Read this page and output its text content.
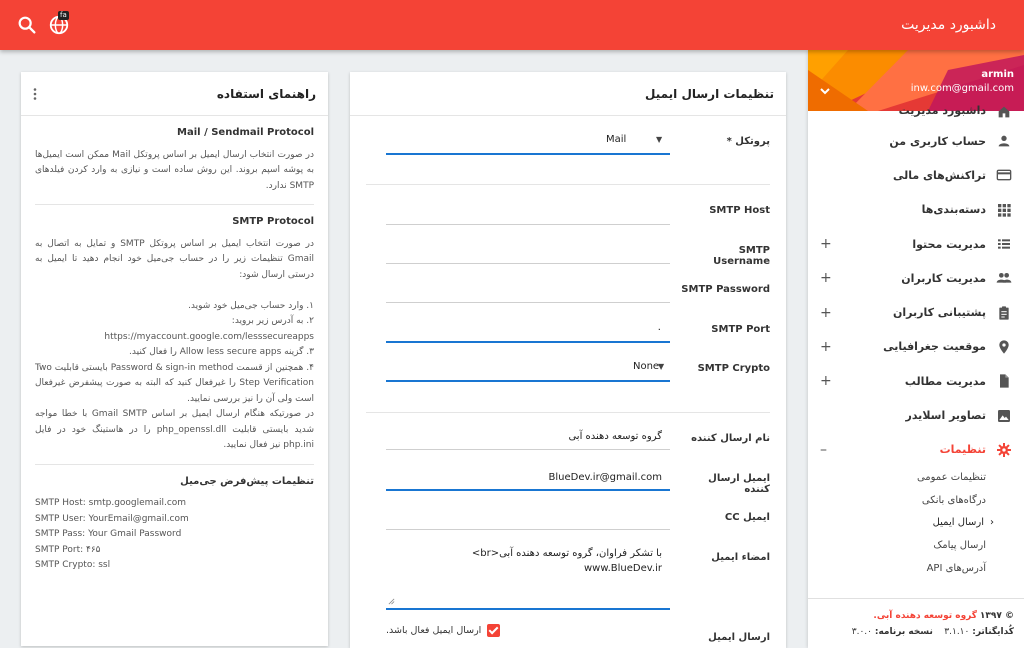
داشبورد مدیریت
fa
راهنمای استفاده
Mail / Sendmail Protocol

در صورت انتخاب ارسال ایمیل بر اساس پروتکل Mail ممکن است ایمیل‌ها به پوشه اسپم بروند. این روش ساده است و نیازی به وارد کردن فیلدهای SMTP ندارد.

SMTP Protocol

در صورت انتخاب ایمیل بر اساس پروتکل SMTP و تمایل به اتصال به Gmail تنظیمات زیر را در حساب جی‌میل خود انجام دهید تا ایمیل به درستی ارسال شود:

۱. وارد حساب جی‌میل خود شوید.

۲. به آدرس زیر بروید:

https://myaccount.google.com/lesssecureapps

۳. گزینه Allow less secure apps را فعال کنید.

۴. همچنین از قسمت Password & sign-in method بایستی قابلیت Two Step Verification را غیرفعال کنید که البته به صورت پیشفرض غیرفعال است ولی آن را نیز بررسی نمایید.

در صورتیکه هنگام ارسال ایمیل بر اساس Gmail SMTP با خطا مواجه شدید بایستی قابلیت php_openssl.dll را در هاستینگ خود در فایل php.ini نیز فعال نمایید.

تنظیمات پیش‌فرض جی‌میل

SMTP Host: smtp.googlemail.com

SMTP User: YourEmail@gmail.com

SMTP Pass: Your Gmail Password

SMTP Port: ۴۶۵

SMTP Crypto: ssl

تنظیمات ارسال ایمیل
پروتکل *
Mail	▼
SMTP Host
SMTP Username
SMTP Password
SMTP Port
۰
SMTP Crypto
None
▼
نام ارسال کننده
گروه توسعه دهنده آبی
ایمیل ارسال کننده
BlueDev.ir@gmail.com
ایمیل CC
امضاء ایمیل
با تشکر فراوان، گروه توسعه دهنده آبی<br>
www.BlueDev.ir
ارسال ایمیل
ارسال ایمیل فعال باشد.
armin
inw.com@gmail.com
داشبورد مدیریت
حساب کاربری من
تراکنش‌های مالی
دسته‌بندی‌ها
مدیریت محتوا
+
مدیریت کاربران
+
پشتیبانی کاربران
+
موقعیت جغرافیایی
+
مدیریت مطالب
+
تصاویر اسلایدر
تنظیمات
–
تنظیمات عمومی
درگاه‌های بانکی
‹ارسال ایمیل
ارسال پیامک
آدرس‌های API
© ۱۳۹۷ گروه توسعه دهنده آبی.
کُدایگناتر: ۳.۱.۱۰    نسخه برنامه: ۳.۰.۰
